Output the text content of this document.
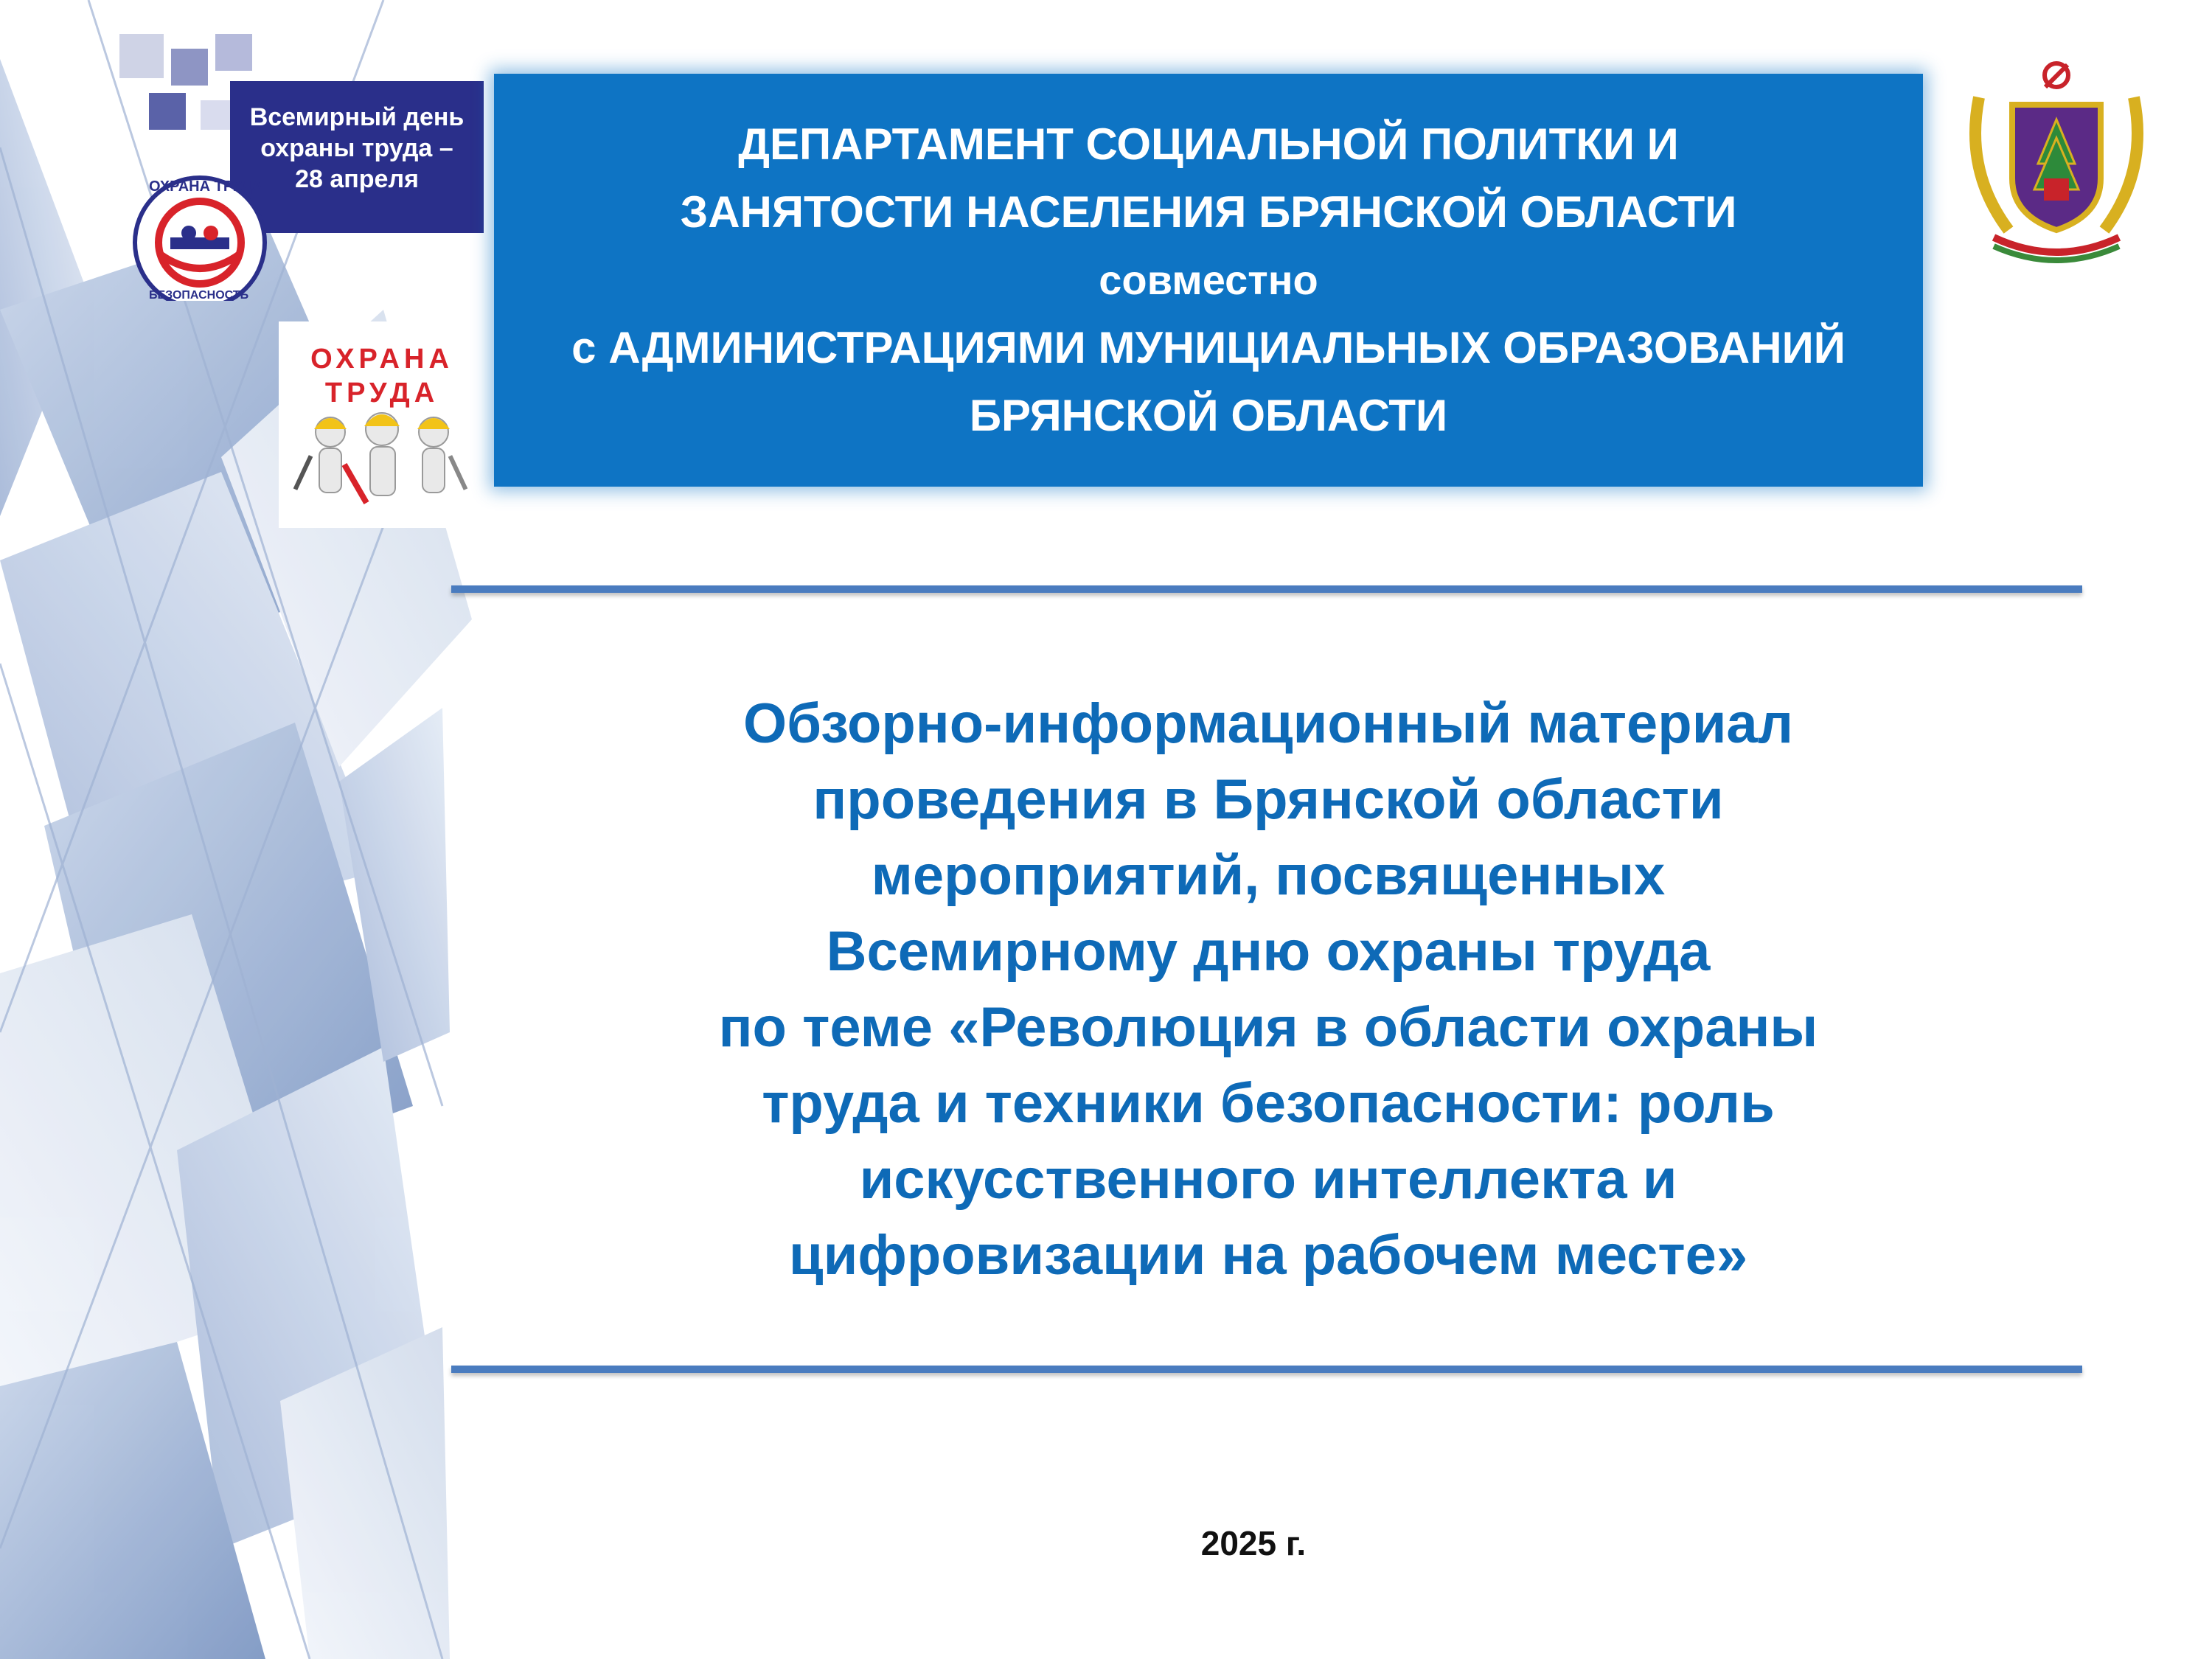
Всемирный день
охраны труда –
28 апреля
ОХРАНА ТРУДА
БЕЗОПАСНОСТЬ
ОХРАНА
ТРУДА
ДЕПАРТАМЕНТ СОЦИАЛЬНОЙ ПОЛИТКИ И
ЗАНЯТОСТИ НАСЕЛЕНИЯ БРЯНСКОЙ ОБЛАСТИ
совместно
с АДМИНИСТРАЦИЯМИ МУНИЦИАЛЬНЫХ ОБРАЗОВАНИЙ
БРЯНСКОЙ ОБЛАСТИ
Обзорно-информационный материал
проведения в Брянской области
мероприятий, посвященных
Всемирному дню охраны труда
по теме «Революция в области охраны
труда и техники безопасности: роль
искусственного интеллекта и
цифровизации на рабочем месте»
2025 г.
